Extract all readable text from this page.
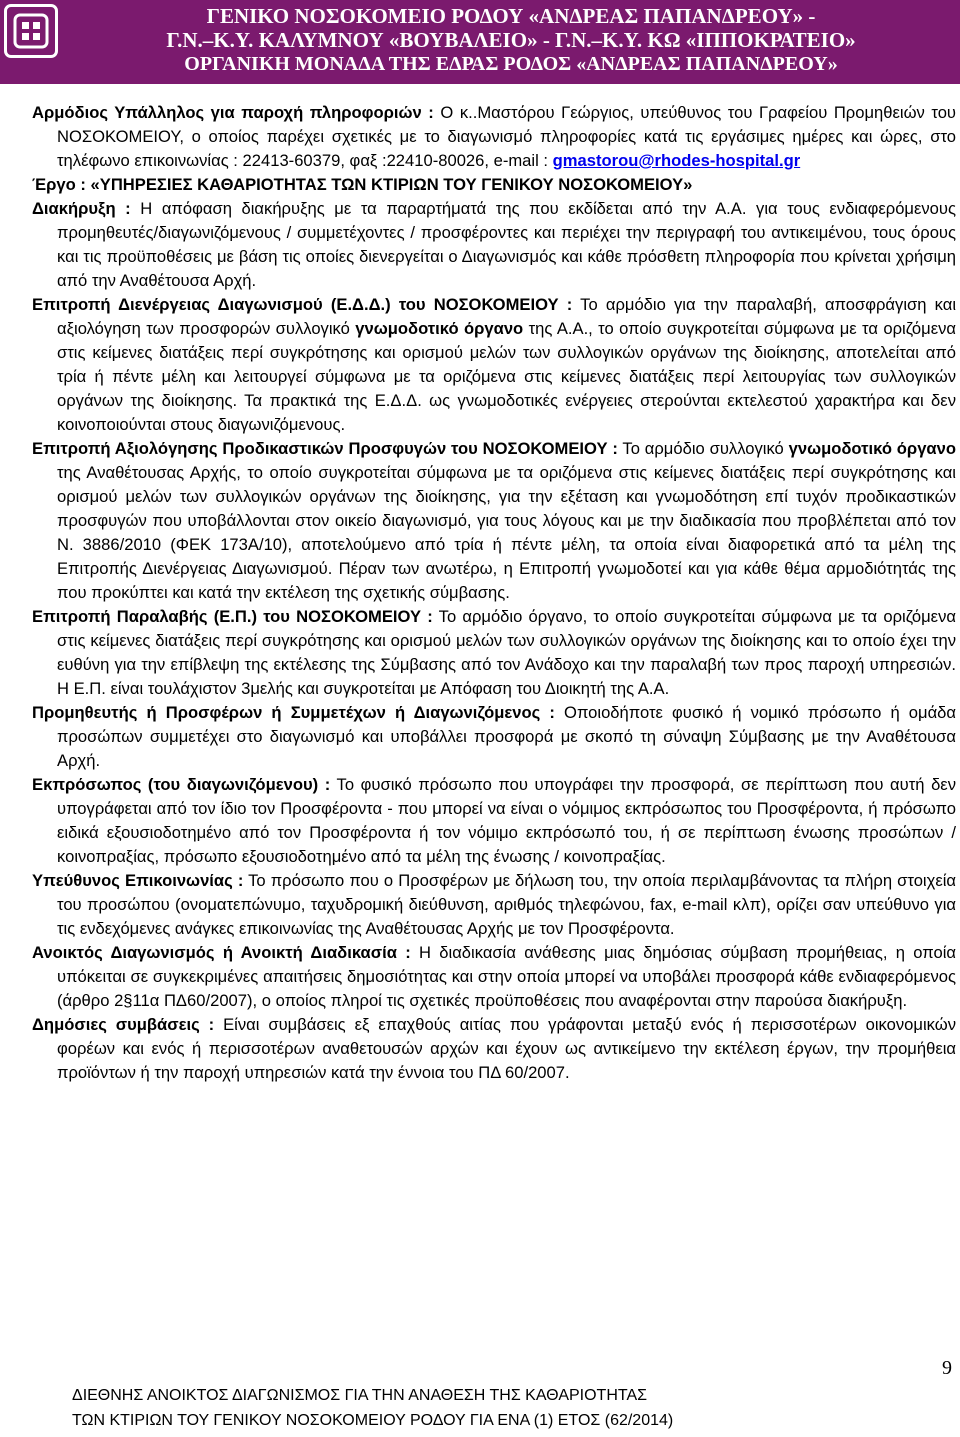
ΓΕΝΙΚΟ ΝΟΣΟΚΟΜΕΙΟ ΡΟΔΟΥ «ΑΝΔΡΕΑΣ ΠΑΠΑΝΔΡΕΟΥ» -
Γ.Ν.–Κ.Υ. ΚΑΛΥΜΝΟΥ «ΒΟΥΒΑΛΕΙΟ» - Γ.Ν.–Κ.Υ. ΚΩ «ΙΠΠΟΚΡΑΤΕΙΟ»
ΟΡΓΑΝΙΚΗ ΜΟΝΑΔΑ ΤΗΣ ΕΔΡΑΣ ΡΟΔΟΣ «ΑΝΔΡΕΑΣ ΠΑΠΑΝΔΡΕΟΥ»

Αρμόδιος Υπάλληλος για παροχή πληροφοριών : Ο κ..Μαστόρου Γεώργιος, υπεύθυνος του Γραφείου Προμηθειών του ΝΟΣΟΚΟΜΕΙΟΥ, ο οποίος παρέχει σχετικές με το διαγωνισμό πληροφορίες κατά τις εργάσιμες ημέρες και ώρες, στο τηλέφωνο επικοινωνίας : 22413-60379, φαξ :22410-80026, e-mail : gmastorou@rhodes-hospital.gr

Έργο : «ΥΠΗΡΕΣΙΕΣ ΚΑΘΑΡΙΟΤΗΤΑΣ ΤΩΝ ΚΤΙΡΙΩΝ ΤΟΥ ΓΕΝΙΚΟΥ ΝΟΣΟΚΟΜΕΙΟΥ»

Διακήρυξη : Η απόφαση διακήρυξης με τα παραρτήματά της που εκδίδεται από την Α.Α. για τους ενδιαφερόμενους προμηθευτές/διαγωνιζόμενους / συμμετέχοντες / προσφέροντες και περιέχει την περιγραφή του αντικειμένου, τους όρους και τις προϋποθέσεις με βάση τις οποίες διενεργείται ο Διαγωνισμός και κάθε πρόσθετη πληροφορία που κρίνεται χρήσιμη από την Αναθέτουσα Αρχή.

Επιτροπή Διενέργειας Διαγωνισμού (Ε.Δ.Δ.) του ΝΟΣΟΚΟΜΕΙΟΥ : Το αρμόδιο για την παραλαβή, αποσφράγιση και αξιολόγηση των προσφορών συλλογικό γνωμοδοτικό όργανο της Α.Α., το οποίο συγκροτείται σύμφωνα με τα οριζόμενα στις κείμενες διατάξεις περί συγκρότησης και ορισμού μελών των συλλογικών οργάνων της διοίκησης, αποτελείται από τρία ή πέντε μέλη και λειτουργεί σύμφωνα με τα οριζόμενα στις κείμενες διατάξεις περί λειτουργίας των συλλογικών οργάνων της διοίκησης. Τα πρακτικά της Ε.Δ.Δ. ως γνωμοδοτικές ενέργειες στερούνται εκτελεστού χαρακτήρα και δεν κοινοποιούνται στους διαγωνιζόμενους.

Επιτροπή Αξιολόγησης Προδικαστικών Προσφυγών του ΝΟΣΟΚΟΜΕΙΟΥ : Το αρμόδιο συλλογικό γνωμοδοτικό όργανο της Αναθέτουσας Αρχής, το οποίο συγκροτείται σύμφωνα με τα οριζόμενα στις κείμενες διατάξεις περί συγκρότησης και ορισμού μελών των συλλογικών οργάνων της διοίκησης, για την εξέταση και γνωμοδότηση επί τυχόν προδικαστικών προσφυγών που υποβάλλονται στον οικείο διαγωνισμό, για τους λόγους και με την διαδικασία που προβλέπεται από τον Ν. 3886/2010 (ΦΕΚ 173Α/10), αποτελούμενο από τρία ή πέντε μέλη, τα οποία είναι διαφορετικά από τα μέλη της Επιτροπής Διενέργειας Διαγωνισμού. Πέραν των ανωτέρω, η Επιτροπή γνωμοδοτεί και για κάθε θέμα αρμοδιότητάς της που προκύπτει και κατά την εκτέλεση της σχετικής σύμβασης.

Επιτροπή Παραλαβής (Ε.Π.) του ΝΟΣΟΚΟΜΕΙΟΥ : Το αρμόδιο όργανο, το οποίο συγκροτείται σύμφωνα με τα οριζόμενα στις κείμενες διατάξεις περί συγκρότησης και ορισμού μελών των συλλογικών οργάνων της διοίκησης και το οποίο έχει την ευθύνη για την επίβλεψη της εκτέλεσης της Σύμβασης από τον Ανάδοχο και την παραλαβή των προς παροχή υπηρεσιών. Η Ε.Π. είναι τουλάχιστον 3μελής και συγκροτείται με Απόφαση του Διοικητή της Α.Α.

Προμηθευτής ή Προσφέρων ή Συμμετέχων ή Διαγωνιζόμενος : Οποιοδήποτε φυσικό ή νομικό πρόσωπο ή ομάδα προσώπων συμμετέχει στο διαγωνισμό και υποβάλλει προσφορά με σκοπό τη σύναψη Σύμβασης με την Αναθέτουσα Αρχή.

Εκπρόσωπος (του διαγωνιζόμενου) : Το φυσικό πρόσωπο που υπογράφει την προσφορά, σε περίπτωση που αυτή δεν υπογράφεται από τον ίδιο τον Προσφέροντα - που μπορεί να είναι ο νόμιμος εκπρόσωπος του Προσφέροντα, ή πρόσωπο ειδικά εξουσιοδοτημένο από τον Προσφέροντα ή τον νόμιμο εκπρόσωπό του, ή σε περίπτωση ένωσης προσώπων / κοινοπραξίας, πρόσωπο εξουσιοδοτημένο από τα μέλη της ένωσης / κοινοπραξίας.

Υπεύθυνος Επικοινωνίας : Το πρόσωπο που ο Προσφέρων με δήλωση του, την οποία περιλαμβάνοντας τα πλήρη στοιχεία του προσώπου (ονοματεπώνυμο, ταχυδρομική διεύθυνση, αριθμός τηλεφώνου, fax, e-mail κλπ), ορίζει σαν υπεύθυνο για τις ενδεχόμενες ανάγκες επικοινωνίας της Αναθέτουσας Αρχής με τον Προσφέροντα.

Ανοικτός Διαγωνισμός ή Ανοικτή Διαδικασία : Η διαδικασία ανάθεσης μιας δημόσιας σύμβαση προμήθειας, η οποία υπόκειται σε συγκεκριμένες απαιτήσεις δημοσιότητας και στην οποία μπορεί να υποβάλει προσφορά κάθε ενδιαφερόμενος (άρθρο 2§11α ΠΔ60/2007), ο οποίος πληροί τις σχετικές προϋποθέσεις που αναφέρονται στην παρούσα διακήρυξη.

Δημόσιες συμβάσεις : Είναι συμβάσεις εξ επαχθούς αιτίας που γράφονται μεταξύ ενός ή περισσοτέρων οικονομικών φορέων και ενός ή περισσοτέρων αναθετουσών αρχών και έχουν ως αντικείμενο την εκτέλεση έργων, την προμήθεια προϊόντων ή την παροχή υπηρεσιών κατά την έννοια του ΠΔ 60/2007.

9
ΔΙΕΘΝΗΣ ΑΝΟΙΚΤΟΣ ΔΙΑΓΩΝΙΣΜΟΣ ΓΙΑ ΤΗΝ ΑΝΑΘΕΣΗ ΤΗΣ ΚΑΘΑΡΙΟΤΗΤΑΣ
ΤΩΝ ΚΤΙΡΙΩΝ ΤΟΥ ΓΕΝΙΚΟΥ ΝΟΣΟΚΟΜΕΙΟΥ ΡΟΔΟΥ ΓΙΑ ΕΝΑ (1) ΕΤΟΣ (62/2014)
